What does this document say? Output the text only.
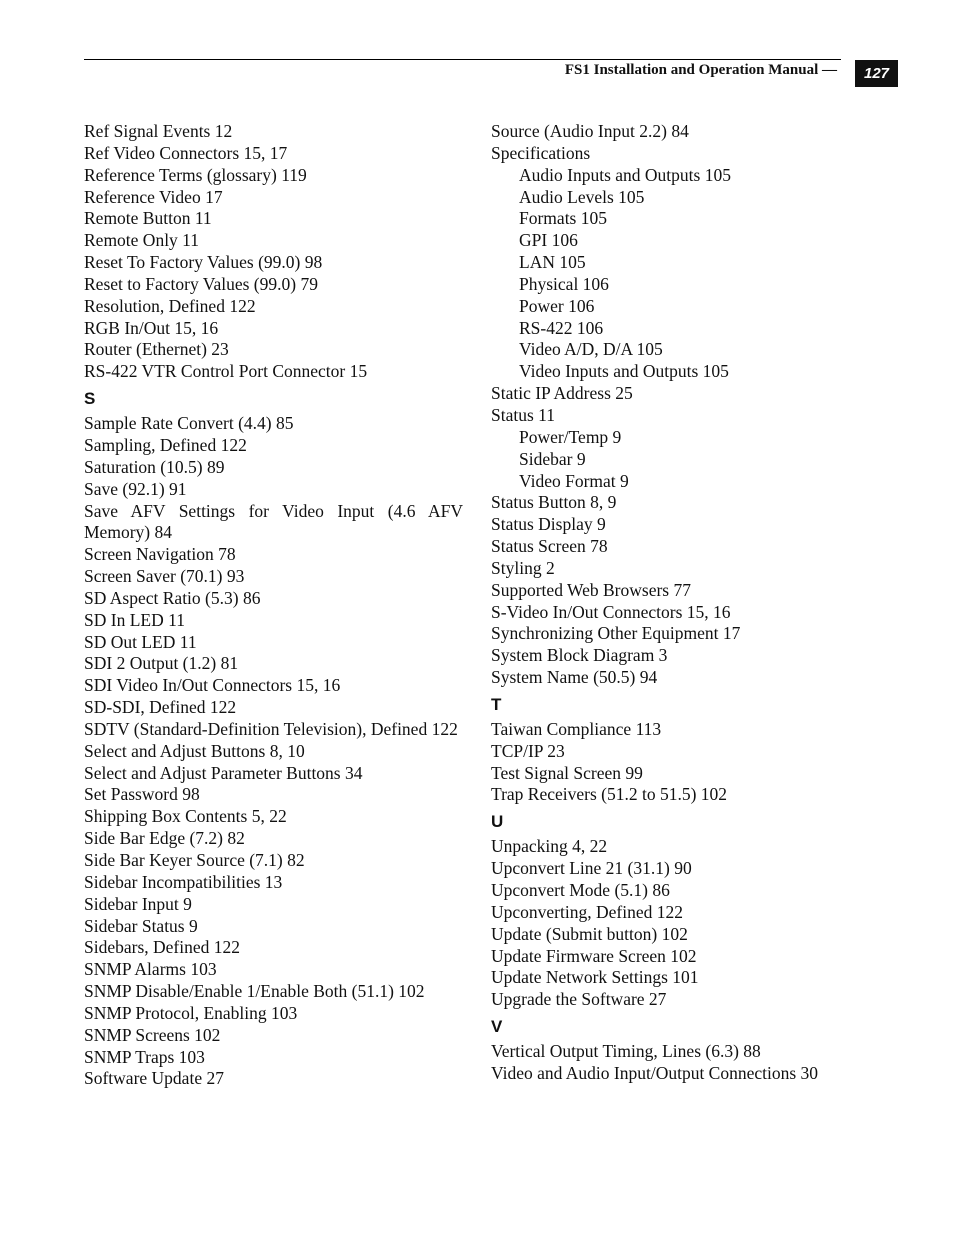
FS1 Installation and Operation Manual —	127
Ref Signal Events 12
Ref Video Connectors 15, 17
Reference Terms (glossary) 119
Reference Video 17
Remote Button 11
Remote Only 11
Reset To Factory Values (99.0) 98
Reset to Factory Values (99.0) 79
Resolution, Defined 122
RGB In/Out 15, 16
Router (Ethernet) 23
RS-422 VTR Control Port Connector 15
S
Sample Rate Convert (4.4) 85
Sampling, Defined 122
Saturation (10.5) 89
Save (92.1) 91
Save AFV Settings for Video Input (4.6 AFV Memory) 84
Screen Navigation 78
Screen Saver (70.1) 93
SD Aspect Ratio (5.3) 86
SD In LED 11
SD Out LED 11
SDI 2 Output (1.2) 81
SDI Video In/Out Connectors 15, 16
SD-SDI, Defined 122
SDTV (Standard-Definition Television), Defined 122
Select and Adjust Buttons 8, 10
Select and Adjust Parameter Buttons 34
Set Password 98
Shipping Box Contents 5, 22
Side Bar Edge (7.2) 82
Side Bar Keyer Source (7.1) 82
Sidebar Incompatibilities 13
Sidebar Input 9
Sidebar Status 9
Sidebars, Defined 122
SNMP Alarms 103
SNMP Disable/Enable 1/Enable Both (51.1) 102
SNMP Protocol, Enabling 103
SNMP Screens 102
SNMP Traps 103
Software Update 27
Source (Audio Input 2.2) 84
Specifications
Audio Inputs and Outputs 105
Audio Levels 105
Formats 105
GPI 106
LAN 105
Physical 106
Power 106
RS-422 106
Video A/D, D/A 105
Video Inputs and Outputs 105
Static IP Address 25
Status 11
Power/Temp 9
Sidebar 9
Video Format 9
Status Button 8, 9
Status Display 9
Status Screen 78
Styling 2
Supported Web Browsers 77
S-Video In/Out Connectors 15, 16
Synchronizing Other Equipment 17
System Block Diagram 3
System Name (50.5) 94
T
Taiwan Compliance 113
TCP/IP 23
Test Signal Screen 99
Trap Receivers (51.2 to 51.5) 102
U
Unpacking 4, 22
Upconvert Line 21 (31.1) 90
Upconvert Mode (5.1) 86
Upconverting, Defined 122
Update (Submit button) 102
Update Firmware Screen 102
Update Network Settings 101
Upgrade the Software 27
V
Vertical Output Timing, Lines (6.3) 88
Video and Audio Input/Output Connections 30
